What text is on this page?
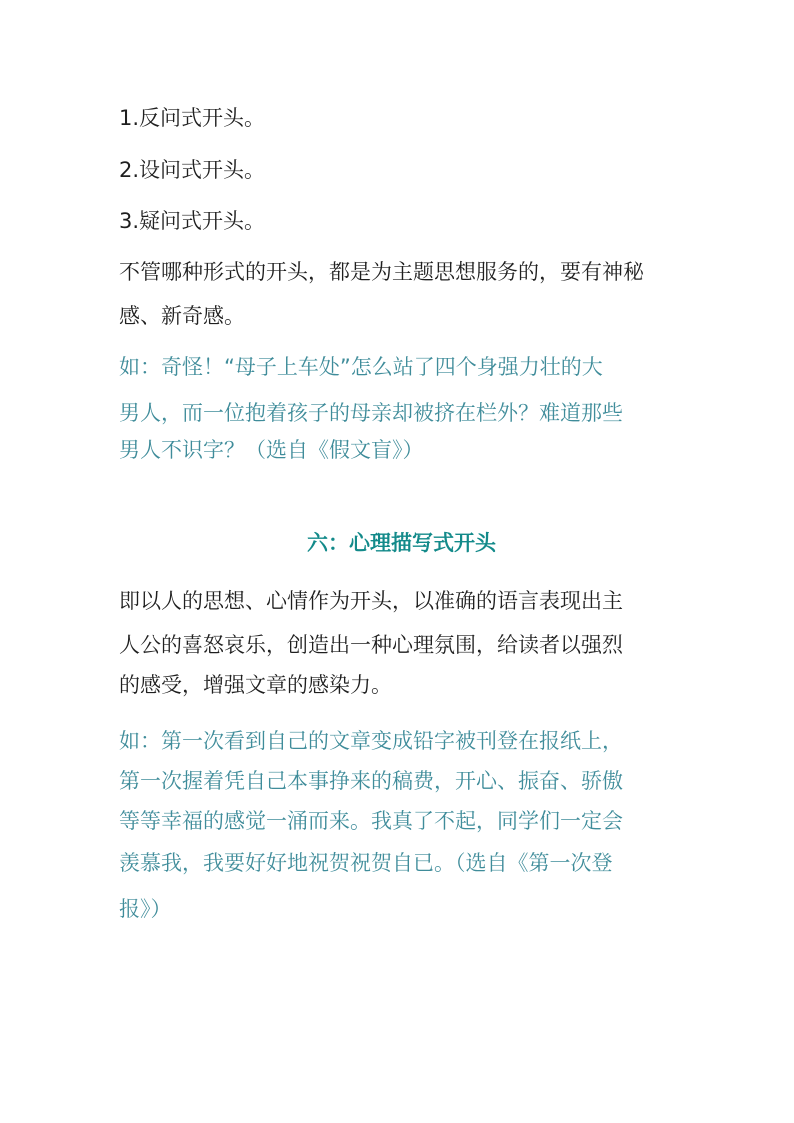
1.反问式开头。
2.设问式开头。
3.疑问式开头。
不管哪种形式的开头，都是为主题思想服务的，要有神秘
感、新奇感。
如：奇怪！“母子上车处”怎么站了四个身强力壮的大
男人，而一位抱着孩子的母亲却被挤在栏外？难道那些
男人不识字？（选自《假文盲》）
六：心理描写式开头
即以人的思想、心情作为开头，以准确的语言表现出主
人公的喜怒哀乐，创造出一种心理氛围，给读者以强烈
的感受，增强文章的感染力。
如：第一次看到自己的文章变成铅字被刊登在报纸上，
第一次握着凭自己本事挣来的稿费，开心、振奋、骄傲
等等幸福的感觉一涌而来。我真了不起，同学们一定会
羡慕我，我要好好地祝贺祝贺自已。（选自《第一次登
报》）
